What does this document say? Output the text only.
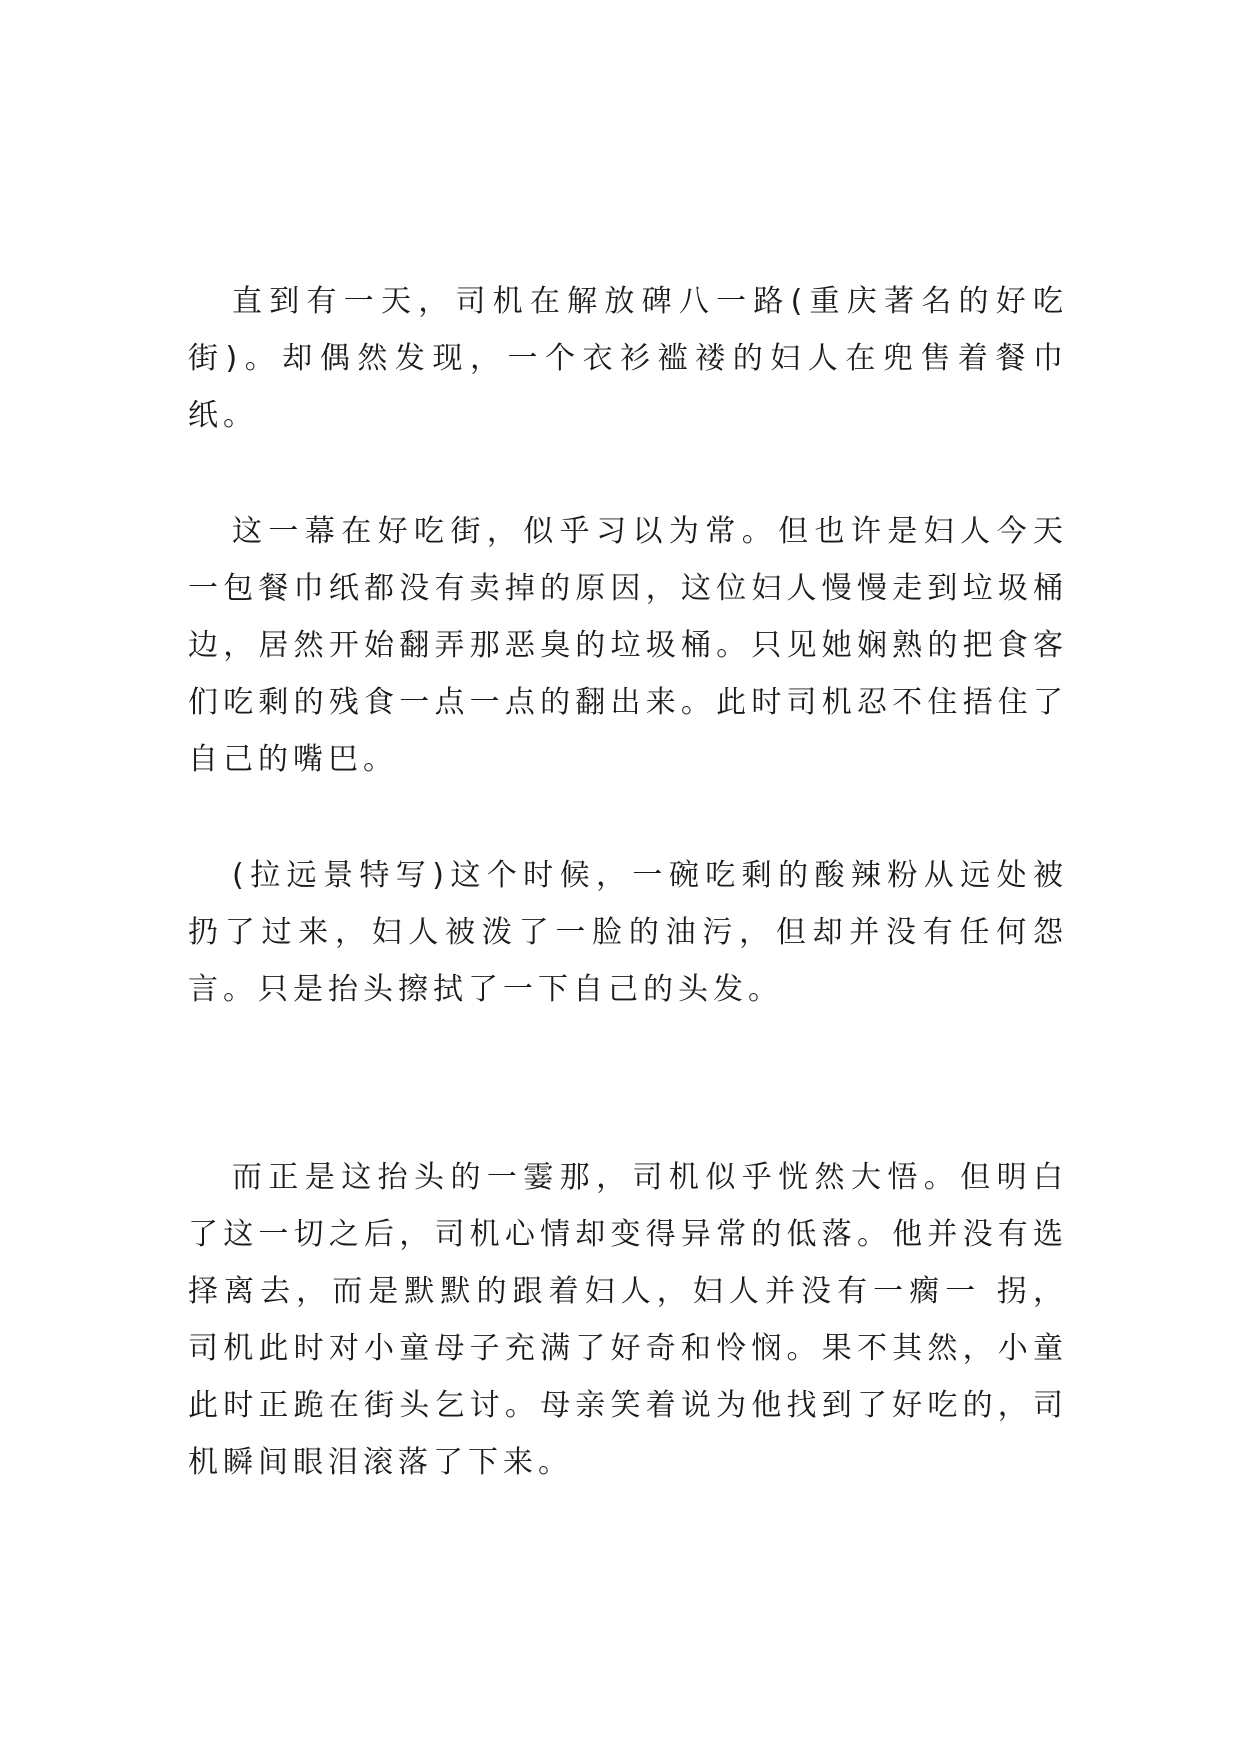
直到有一天，司机在解放碑八一路(重庆著名的好吃街)。却偶然发现，一个衣衫褴褛的妇人在兜售着餐巾纸。

这一幕在好吃街，似乎习以为常。但也许是妇人今天一包餐巾纸都没有卖掉的原因，这位妇人慢慢走到垃圾桶边，居然开始翻弄那恶臭的垃圾桶。只见她娴熟的把食客们吃剩的残食一点一点的翻出来。此时司机忍不住捂住了自己的嘴巴。

(拉远景特写)这个时候，一碗吃剩的酸辣粉从远处被扔了过来，妇人被泼了一脸的油污，但却并没有任何怨言。只是抬头擦拭了一下自己的头发。

而正是这抬头的一霎那，司机似乎恍然大悟。但明白了这一切之后，司机心情却变得异常的低落。他并没有选择离去，而是默默的跟着妇人，妇人并没有一瘸一 拐，司机此时对小童母子充满了好奇和怜悯。果不其然，小童此时正跪在街头乞讨。母亲笑着说为他找到了好吃的，司机瞬间眼泪滚落了下来。
